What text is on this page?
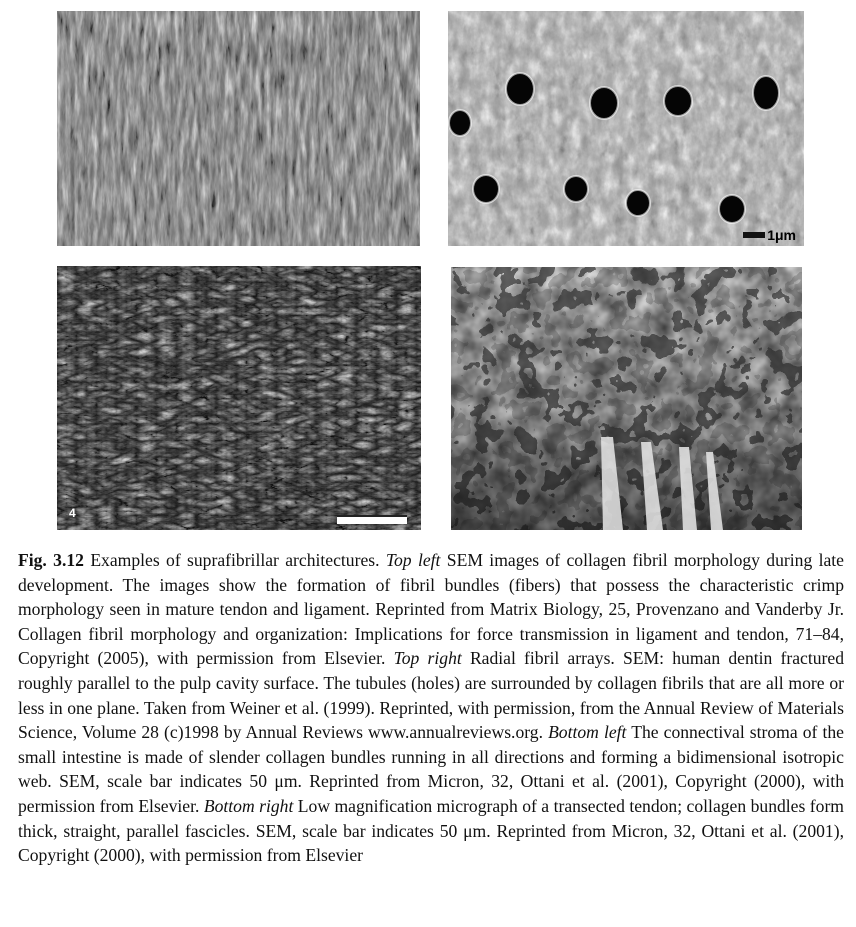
1μm
4

Fig. 3.12 Examples of suprafibrillar architectures. Top left SEM images of collagen fibril morphology during late development. The images show the formation of fibril bundles (fibers) that possess the characteristic crimp morphology seen in mature tendon and ligament. Reprinted from Matrix Biology, 25, Provenzano and Vanderby Jr. Collagen fibril morphology and organization: Implications for force transmission in ligament and tendon, 71–84, Copyright (2005), with permission from Elsevier. Top right Radial fibril arrays. SEM: human dentin fractured roughly parallel to the pulp cavity surface. The tubules (holes) are surrounded by collagen fibrils that are all more or less in one plane. Taken from Weiner et al. (1999). Reprinted, with permission, from the Annual Review of Materials Science, Volume 28 (c)1998 by Annual Reviews www.annualreviews.org. Bottom left The connectival stroma of the small intestine is made of slender collagen bundles running in all directions and forming a bidimensional isotropic web. SEM, scale bar indicates 50 μm. Reprinted from Micron, 32, Ottani et al. (2001), Copyright (2000), with permission from Elsevier. Bottom right Low magnification micrograph of a transected tendon; collagen bundles form thick, straight, parallel fascicles. SEM, scale bar indicates 50 μm. Reprinted from Micron, 32, Ottani et al. (2001), Copyright (2000), with permission from Elsevier
